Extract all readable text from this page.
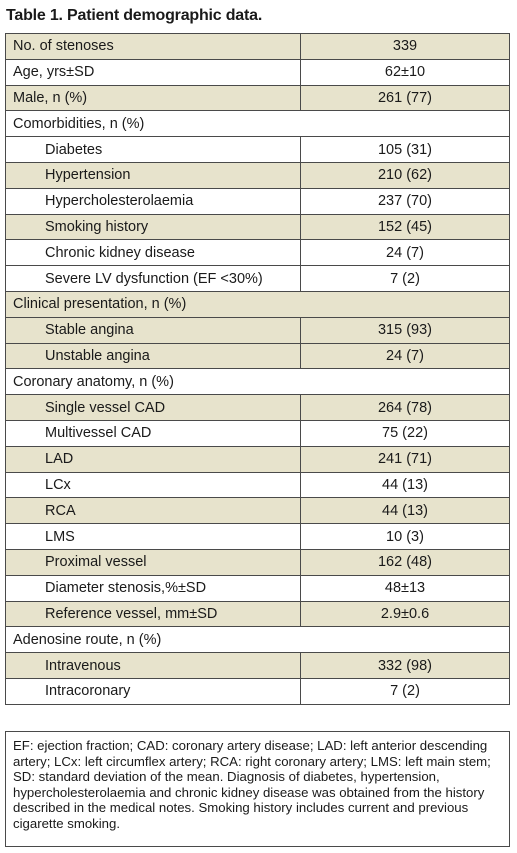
Table 1. Patient demographic data.
No. of stenoses	339
Age, yrs±SD	62±10
Male, n (%)	261 (77)
Comorbidities, n (%)	
Diabetes	105 (31)
Hypertension	210 (62)
Hypercholesterolaemia	237 (70)
Smoking history	152 (45)
Chronic kidney disease	24 (7)
Severe LV dysfunction (EF <30%)	7 (2)
Clinical presentation, n (%)	
Stable angina	315 (93)
Unstable angina	24 (7)
Coronary anatomy, n (%)	
Single vessel CAD	264 (78)
Multivessel CAD	75 (22)
LAD	241 (71)
LCx	44 (13)
RCA	44 (13)
LMS	10 (3)
Proximal vessel	162 (48)
Diameter stenosis,%±SD	48±13
Reference vessel, mm±SD	2.9±0.6
Adenosine route, n (%)	
Intravenous	332 (98)
Intracoronary	7 (2)
EF: ejection fraction; CAD: coronary artery disease; LAD: left anterior descending artery; LCx: left circumflex artery; RCA: right coronary artery; LMS: left main stem; SD: standard deviation of the mean. Diagnosis of diabetes, hypertension, hypercholesterolaemia and chronic kidney disease was obtained from the history described in the medical notes. Smoking history includes current and previous cigarette smoking.
